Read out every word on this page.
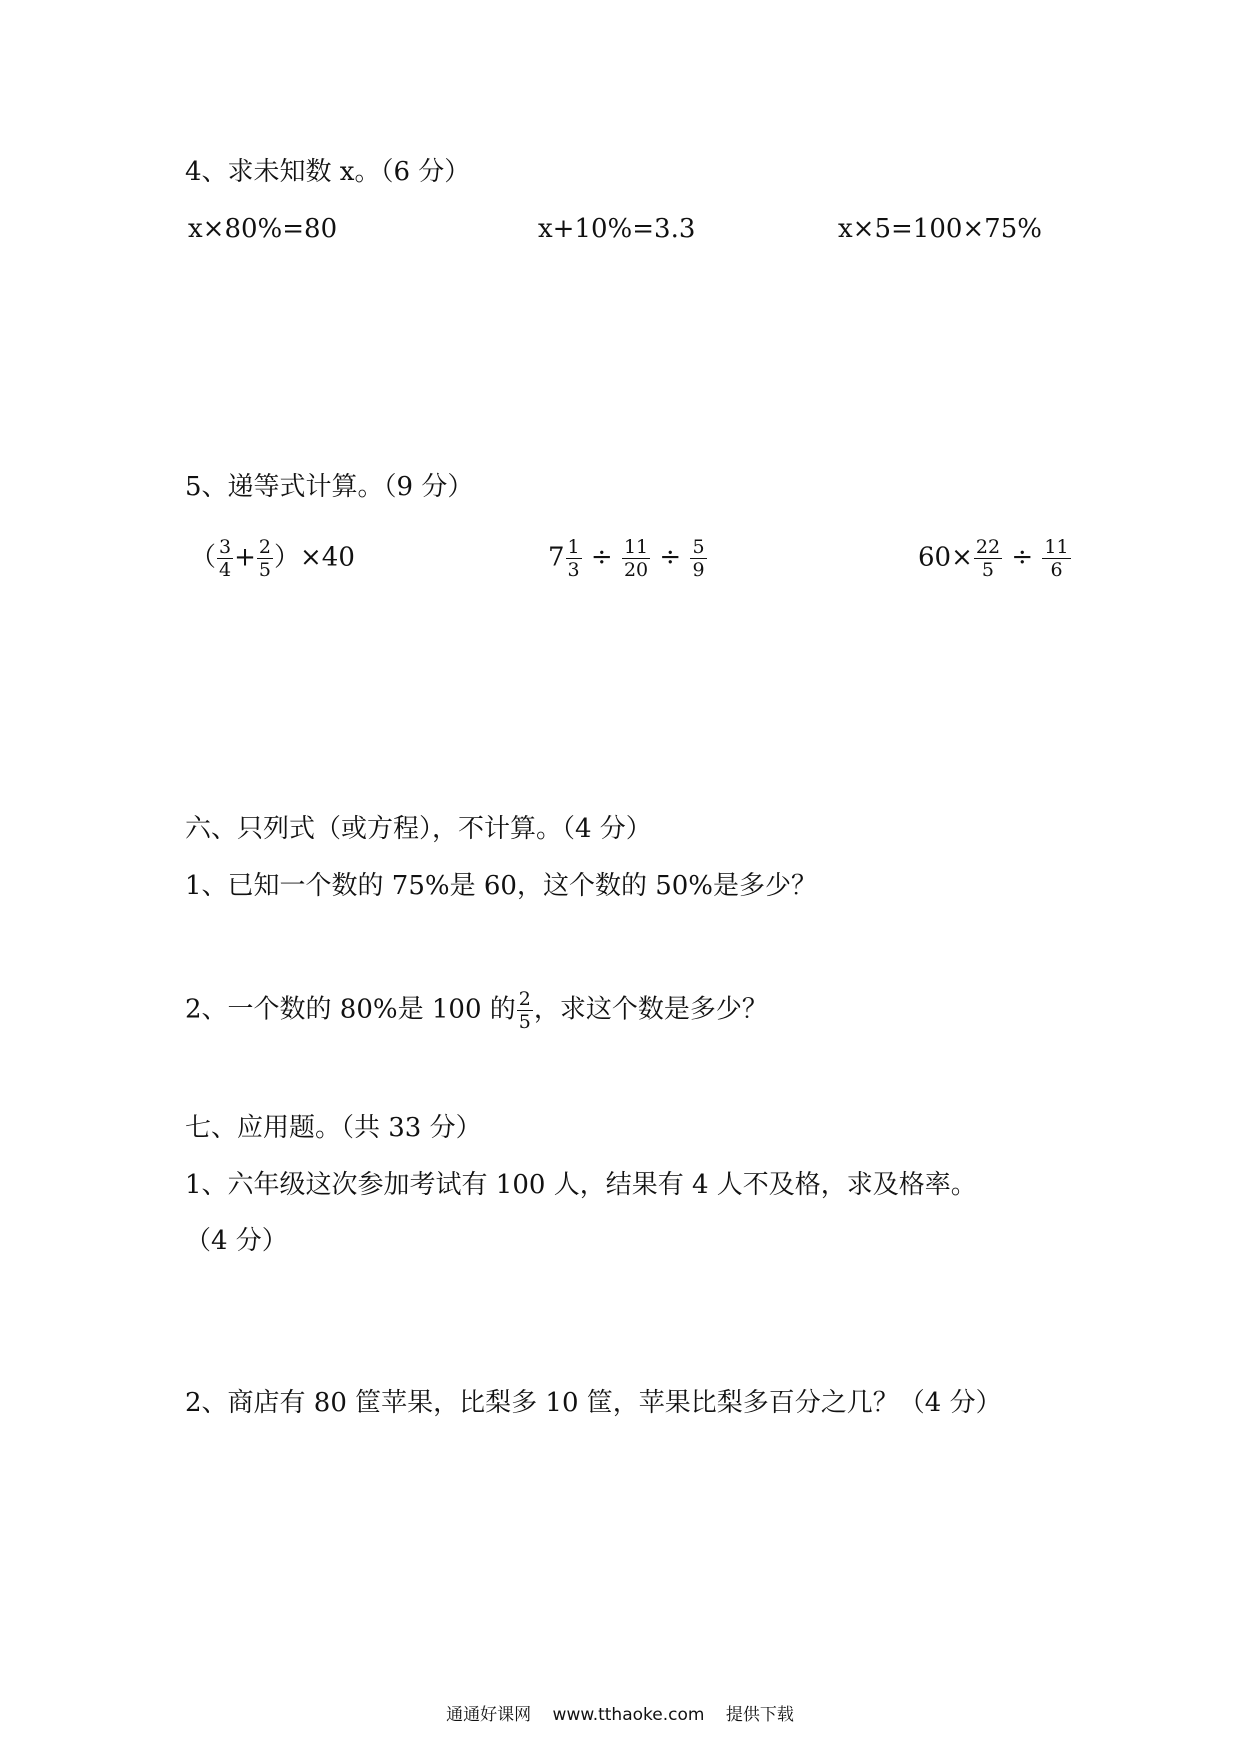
4、求未知数 x。（6 分）
x×80%=80	x+10%=3.3	x×5=100×75%
5、递等式计算。（9 分）
（ $\frac{3}{4} + \frac{2}{5} )\times 40$	$7 \frac{1}{3} \div \frac{11}{20} \div \frac{5}{9}$	$60\times \frac{22}{5} \div \frac{11}{6}$
六、只列式（或方程），不计算。（4 分）
1、已知一个数的 75%是 60，这个数的 50%是多少？
2、一个数的 80%是 100 的 $\frac{2}{5}$ ，求这个数是多少？
七、应用题。（共 33 分）
1、六年级这次参加考试有 100 人，结果有 4 人不及格，求及格率。
（4 分）
2、商店有 80 筐苹果，比梨多 10 筐，苹果比梨多百分之几？（4 分）
通通好课网 www.tthaoke.com 提供下载
